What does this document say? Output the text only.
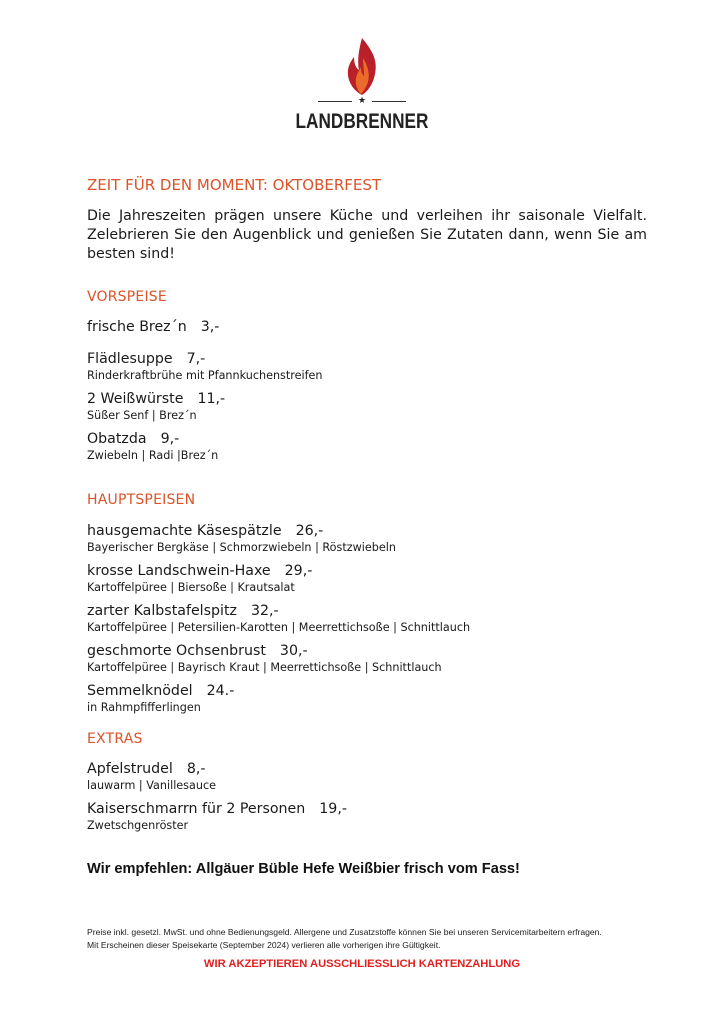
★
LANDBRENNER
ZEIT FÜR DEN MOMENT: OKTOBERFEST
Die Jahreszeiten prägen unsere Küche und verleihen ihr saisonale Vielfalt. Zelebrieren Sie den Augenblick und genießen Sie Zutaten dann, wenn Sie am besten sind!
VORSPEISE
frische Brez´n 3,-
Flädlesuppe 7,-
Rinderkraftbrühe mit Pfannkuchenstreifen
2 Weißwürste 11,-
Süßer Senf | Brez´n
Obatzda 9,-
Zwiebeln | Radi |Brez´n
HAUPTSPEISEN
hausgemachte Käsespätzle 26,-
Bayerischer Bergkäse | Schmorzwiebeln | Röstzwiebeln
krosse Landschwein-Haxe 29,-
Kartoffelpüree | Biersoße | Krautsalat
zarter Kalbstafelspitz 32,-
Kartoffelpüree | Petersilien-Karotten | Meerrettichsoße | Schnittlauch
geschmorte Ochsenbrust 30,-
Kartoffelpüree | Bayrisch Kraut | Meerrettichsoße | Schnittlauch
Semmelknödel 24.-
in Rahmpfifferlingen
EXTRAS
Apfelstrudel 8,-
lauwarm | Vanillesauce
Kaiserschmarrn für 2 Personen 19,-
Zwetschgenröster
Wir empfehlen: Allgäuer Büble Hefe Weißbier frisch vom Fass!
Preise inkl. gesetzl. MwSt. und ohne Bedienungsgeld. Allergene und Zusatzstoffe können Sie bei unseren Servicemitarbeitern erfragen.
Mit Erscheinen dieser Speisekarte (September 2024) verlieren alle vorherigen ihre Gültigkeit.
WIR AKZEPTIEREN AUSSCHLIESSLICH KARTENZAHLUNG
